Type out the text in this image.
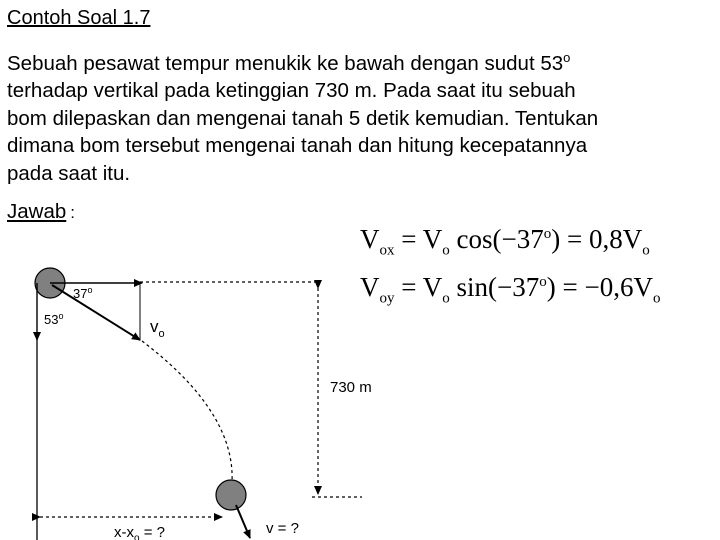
Contoh Soal 1.7
Sebuah pesawat tempur menukik ke bawah dengan sudut 53$^o$
terhadap vertikal pada ketinggian 730 m. Pada saat itu sebuah
bom dilepaskan dan mengenai tanah 5 detik kemudian. Tentukan
dimana bom tersebut mengenai tanah dan hitung kecepatannya
pada saat itu.
Jawab :
$V_{ox} = V_o$ $\cos(-37^o) = 0,8V_o$
$V_{oy} = V_o$ $\sin(-37^o) = -0,6V_o$
37$^o$
53$^o$
$v_o$
730 m
$x-x_o$ = ?	v = ?
